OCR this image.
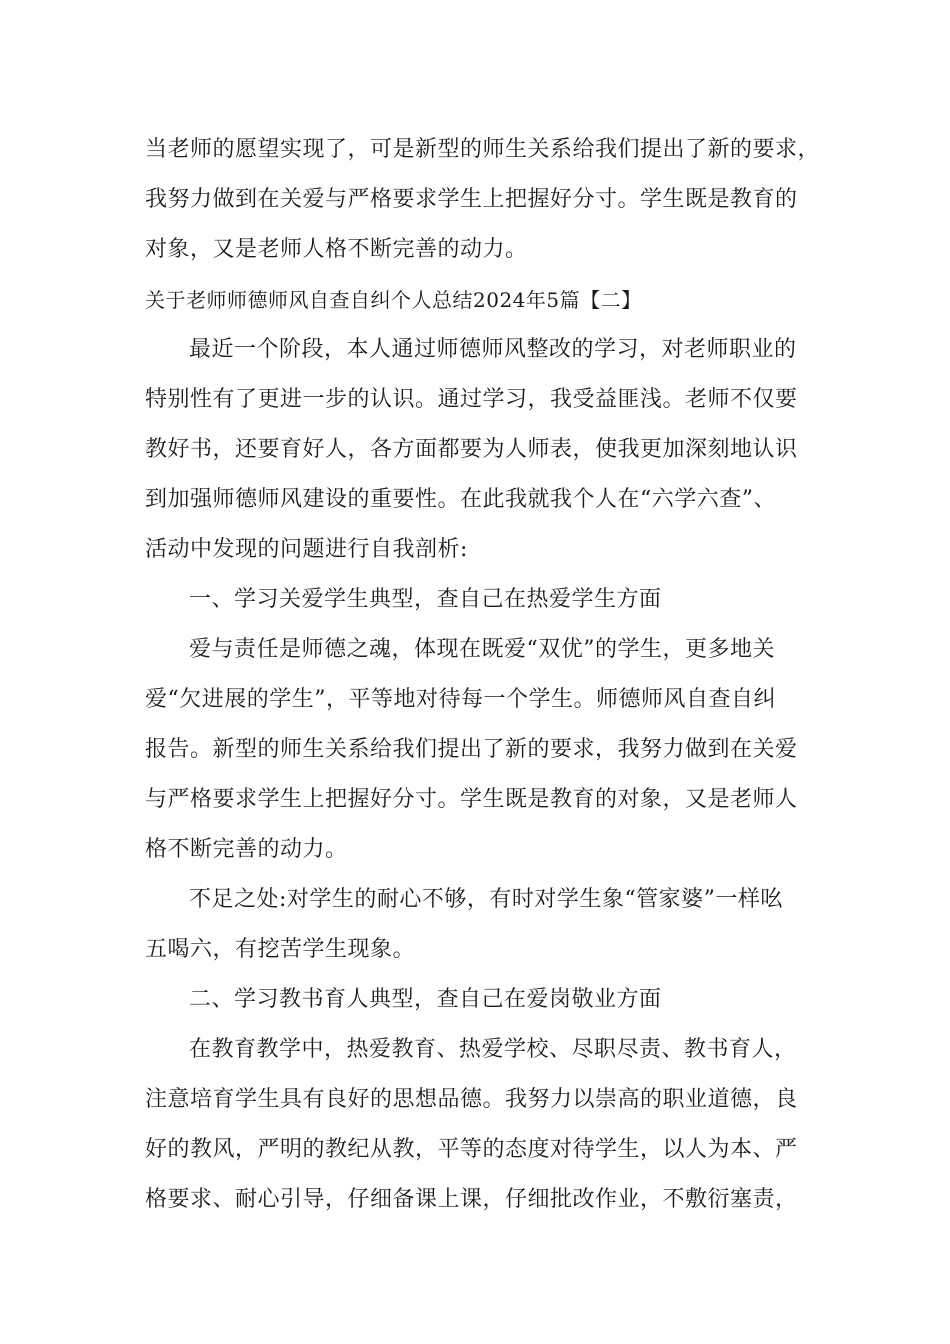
当老师的愿望实现了，可是新型的师生关系给我们提出了新的要求，
我努力做到在关爱与严格要求学生上把握好分寸。学生既是教育的
对象，又是老师人格不断完善的动力。
关于老师师德师风自查自纠个人总结2024年5篇【二】
最近一个阶段，本人通过师德师风整改的学习，对老师职业的
特别性有了更进一步的认识。通过学习，我受益匪浅。老师不仅要
教好书，还要育好人，各方面都要为人师表，使我更加深刻地认识
到加强师德师风建设的重要性。在此我就我个人在“六学六查”、
活动中发现的问题进行自我剖析:
一、学习关爱学生典型，查自己在热爱学生方面
爱与责任是师德之魂，体现在既爱“双优”的学生，更多地关
爱“欠进展的学生”，平等地对待每一个学生。师德师风自查自纠
报告。新型的师生关系给我们提出了新的要求，我努力做到在关爱
与严格要求学生上把握好分寸。学生既是教育的对象，又是老师人
格不断完善的动力。
不足之处:对学生的耐心不够，有时对学生象“管家婆”一样吆
五喝六，有挖苦学生现象。
二、学习教书育人典型，查自己在爱岗敬业方面
在教育教学中，热爱教育、热爱学校、尽职尽责、教书育人，
注意培育学生具有良好的思想品德。我努力以崇高的职业道德，良
好的教风，严明的教纪从教，平等的态度对待学生，以人为本、严
格要求、耐心引导，仔细备课上课，仔细批改作业，不敷衍塞责，
